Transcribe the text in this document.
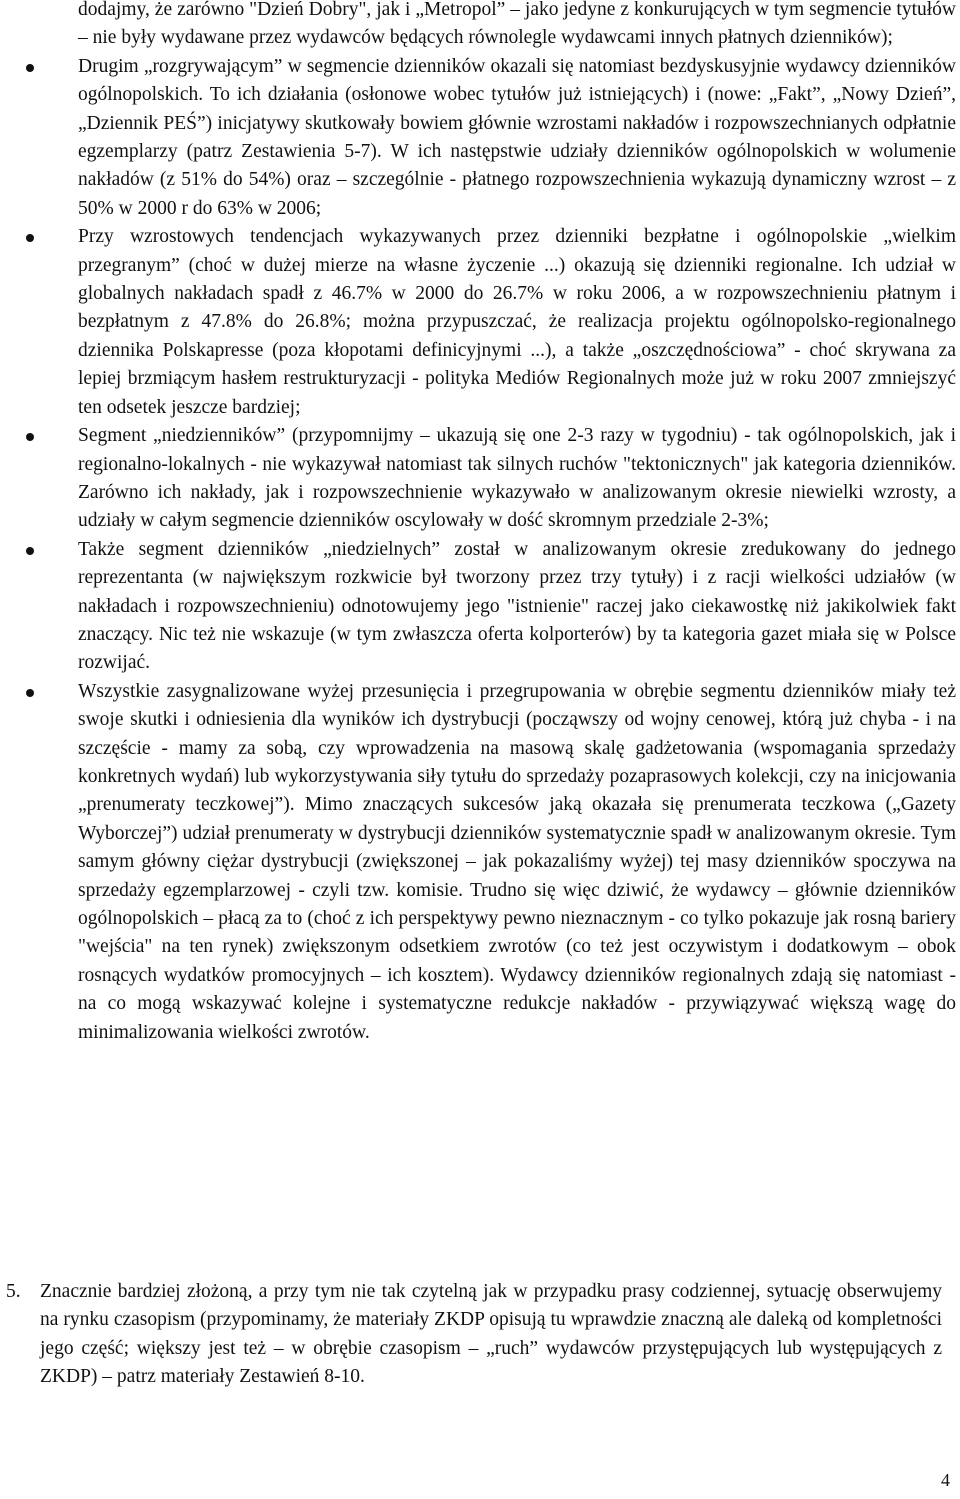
dodajmy, że zarówno "Dzień Dobry", jak i „Metropol” – jako jedyne z konkurujących w tym segmencie tytułów – nie były wydawane przez wydawców będących równolegle wydawcami innych płatnych dzienników);

Drugim „rozgrywającym” w segmencie dzienników okazali się natomiast bezdyskusyjnie wydawcy dzienników ogólnopolskich. To ich działania (osłonowe wobec tytułów już istniejących) i (nowe: „Fakt”, „Nowy Dzień”, „Dziennik PEŚ”) inicjatywy skutkowały bowiem głównie wzrostami nakładów i rozpowszechnianych odpłatnie egzemplarzy (patrz Zestawienia 5-7). W ich następstwie udziały dzienników ogólnopolskich w wolumenie nakładów (z 51% do 54%) oraz – szczególnie - płatnego rozpowszechnienia wykazują dynamiczny wzrost – z 50% w 2000 r do 63% w 2006;

Przy wzrostowych tendencjach wykazywanych przez dzienniki bezpłatne i ogólnopolskie „wielkim przegranym” (choć w dużej mierze na własne życzenie ...) okazują się dzienniki regionalne. Ich udział w globalnych nakładach spadł z 46.7% w 2000 do 26.7% w roku 2006, a w rozpowszechnieniu płatnym i bezpłatnym z 47.8% do 26.8%; można przypuszczać, że realizacja projektu ogólnopolsko-regionalnego dziennika Polskapresse (poza kłopotami definicyjnymi ...), a także „oszczędnościowa” - choć skrywana za lepiej brzmiącym hasłem restrukturyzacji - polityka Mediów Regionalnych może już w roku 2007 zmniejszyć ten odsetek jeszcze bardziej;

Segment „niedzienników” (przypomnijmy – ukazują się one 2-3 razy w tygodniu) - tak ogólnopolskich, jak i regionalno-lokalnych - nie wykazywał natomiast tak silnych ruchów "tektonicznych" jak kategoria dzienników. Zarówno ich nakłady, jak i rozpowszechnienie wykazywało w analizowanym okresie niewielki wzrosty, a udziały w całym segmencie dzienników oscylowały w dość skromnym przedziale 2-3%;

Także segment dzienników „niedzielnych” został w analizowanym okresie zredukowany do jednego reprezentanta (w największym rozkwicie był tworzony przez trzy tytuły) i z racji wielkości udziałów (w nakładach i rozpowszechnieniu) odnotowujemy jego "istnienie" raczej jako ciekawostkę niż jakikolwiek fakt znaczący. Nic też nie wskazuje (w tym zwłaszcza oferta kolporterów) by ta kategoria gazet miała się w Polsce rozwijać.

Wszystkie zasygnalizowane wyżej przesunięcia i przegrupowania w obrębie segmentu dzienników miały też swoje skutki i odniesienia dla wyników ich dystrybucji (począwszy od wojny cenowej, którą już chyba - i na szczęście - mamy za sobą, czy wprowadzenia na masową skalę gadżetowania (wspomagania sprzedaży konkretnych wydań) lub wykorzystywania siły tytułu do sprzedaży pozaprasowych kolekcji, czy na inicjowania „prenumeraty teczkowej”). Mimo znaczących sukcesów jaką okazała się prenumerata teczkowa („Gazety Wyborczej”) udział prenumeraty w dystrybucji dzienników systematycznie spadł w analizowanym okresie. Tym samym główny ciężar dystrybucji (zwiększonej – jak pokazaliśmy wyżej) tej masy dzienników spoczywa na sprzedaży egzemplarzowej - czyli tzw. komisie. Trudno się więc dziwić, że wydawcy – głównie dzienników ogólnopolskich – płacą za to (choć z ich perspektywy pewno nieznacznym - co tylko pokazuje jak rosną bariery "wejścia" na ten rynek) zwiększonym odsetkiem zwrotów (co też jest oczywistym i dodatkowym – obok rosnących wydatków promocyjnych – ich kosztem). Wydawcy dzienników regionalnych zdają się natomiast - na co mogą wskazywać kolejne i systematyczne redukcje nakładów - przywiązywać większą wagę do minimalizowania wielkości zwrotów.

5. Znacznie bardziej złożoną, a przy tym nie tak czytelną jak w przypadku prasy codziennej, sytuację obserwujemy na rynku czasopism (przypominamy, że materiały ZKDP opisują tu wprawdzie znaczną ale daleką od kompletności jego część; większy jest też – w obrębie czasopism – „ruch” wydawców przystępujących lub występujących z ZKDP) – patrz materiały Zestawień 8-10.

4
